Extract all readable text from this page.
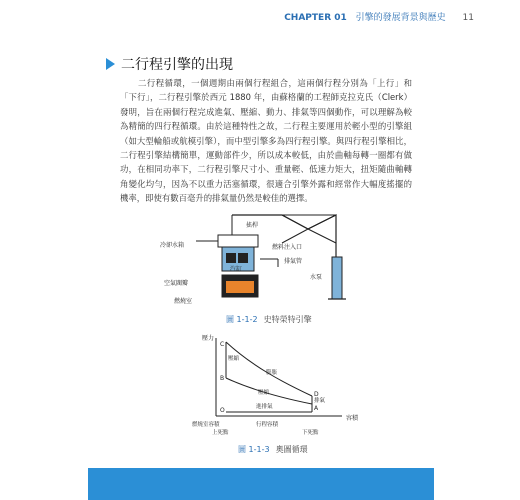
CHAPTER 01 引擎的發展背景與歷史 11
二行程引擎的出現
二行程循環，一個週期由兩個行程組合，這兩個行程分別為「上行」和「下行」，二行程引擎於西元 1880 年，由蘇格蘭的工程師克拉克氏（Clerk）發明，旨在兩個行程完成進氣、壓縮、動力、排氣等四個動作，可以理解為較為精簡的四行程循環。由於這種特性之故，二行程主要運用於輕小型的引擎組（如大型輪船或航模引擎），而中型引擎多為四行程引擎。與四行程引擎相比，二行程引擎結構簡單，運動部件少，所以成本較低，由於曲軸每轉一圈都有做功，在相同功率下，二行程引擎尺寸小、重量輕、低速力矩大，扭矩隨曲軸轉角變化均勻，因為不以重力活塞循環，很適合引擎外露和經常作大幅度搖擺的機率，即使有數百毫升的排氣量仍然是較佳的選擇。
搖桿
冷卻水箱	燃料注入口
排氣管
汽缸
空氣閥瓣
燃燒室
水泵
圖 1-1-2 史特榮特引擎
壓力
容積
C
B
O	A
D
壓縮
膨脹
壓縮
排氣
進排氣
行程容積
燃燒室容積
上死點	下死點
圖 1-1-3 奧圖循環
